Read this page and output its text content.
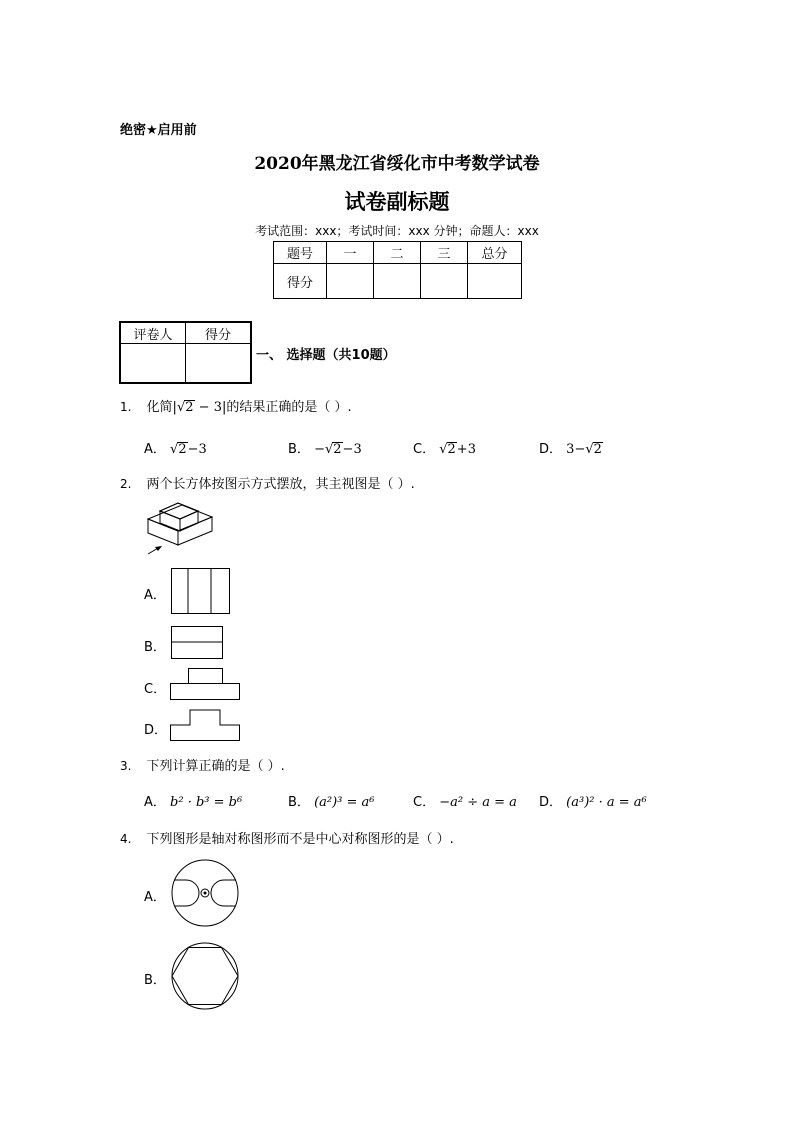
绝密★启用前
2020年黑龙江省绥化市中考数学试卷
试卷副标题
考试范围：xxx；考试时间：xxx 分钟；命题人：xxx
题号	一	二	三	总分
得分				
评卷人	得分

一、 选择题（共10题）
1. 化简|√2 − 3|的结果正确的是（ ）.
A． √2−3	B． −√2−3	C． √2+3	D． 3−√2
2. 两个长方体按图示方式摆放，其主视图是（ ）.
A．
B．
C．
D．
3. 下列计算正确的是（ ）.
A． b² · b³ = b⁶	B． (a²)³ = a⁶	C． −a² ÷ a = a D． (a³)² · a = a⁶
4. 下列图形是轴对称图形而不是中心对称图形的是（ ）.
A．
B．
